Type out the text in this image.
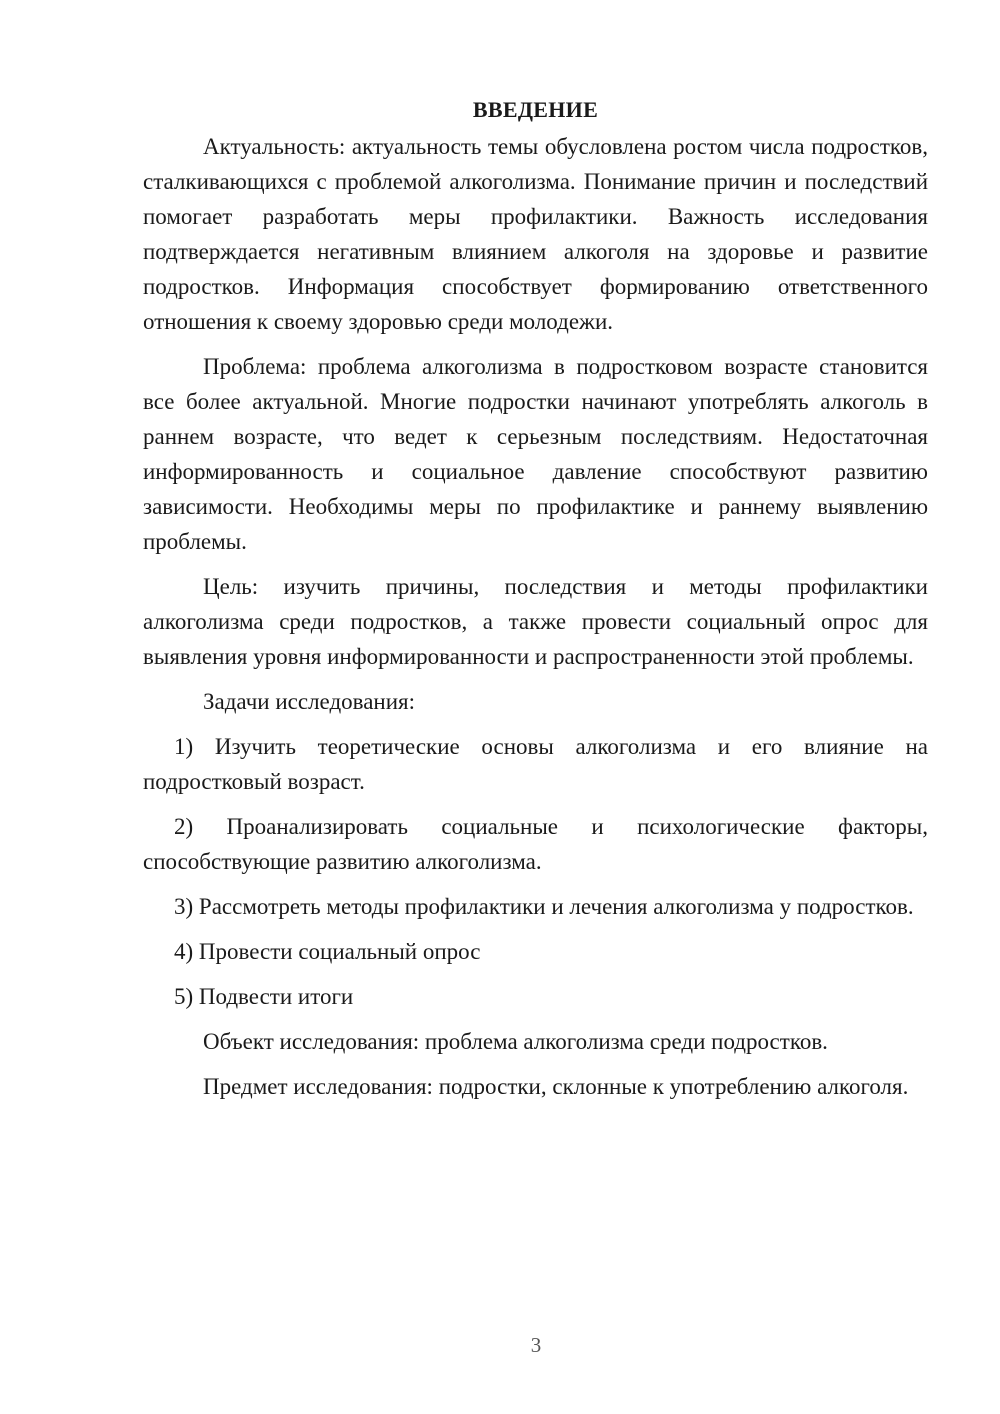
ВВЕДЕНИЕ

Актуальность: актуальность темы обусловлена ростом числа подростков, сталкивающихся с проблемой алкоголизма. Понимание причин и последствий помогает разработать меры профилактики. Важность исследования подтверждается негативным влиянием алкоголя на здоровье и развитие подростков. Информация способствует формированию ответственного отношения к своему здоровью среди молодежи.

Проблема: проблема алкоголизма в подростковом возрасте становится все более актуальной. Многие подростки начинают употреблять алкоголь в раннем возрасте, что ведет к серьезным последствиям. Недостаточная информированность и социальное давление способствуют развитию зависимости. Необходимы меры по профилактике и раннему выявлению проблемы.

Цель: изучить причины, последствия и методы профилактики алкоголизма среди подростков, а также провести социальный опрос для выявления уровня информированности и распространенности этой проблемы.

Задачи исследования:

1) Изучить теоретические основы алкоголизма и его влияние на подростковый возраст.

2) Проанализировать социальные и психологические факторы, способствующие развитию алкоголизма.

3) Рассмотреть методы профилактики и лечения алкоголизма у подростков.

4) Провести социальный опрос

5) Подвести итоги

Объект исследования: проблема алкоголизма среди подростков.

Предмет исследования: подростки, склонные к употреблению алкоголя.

3
